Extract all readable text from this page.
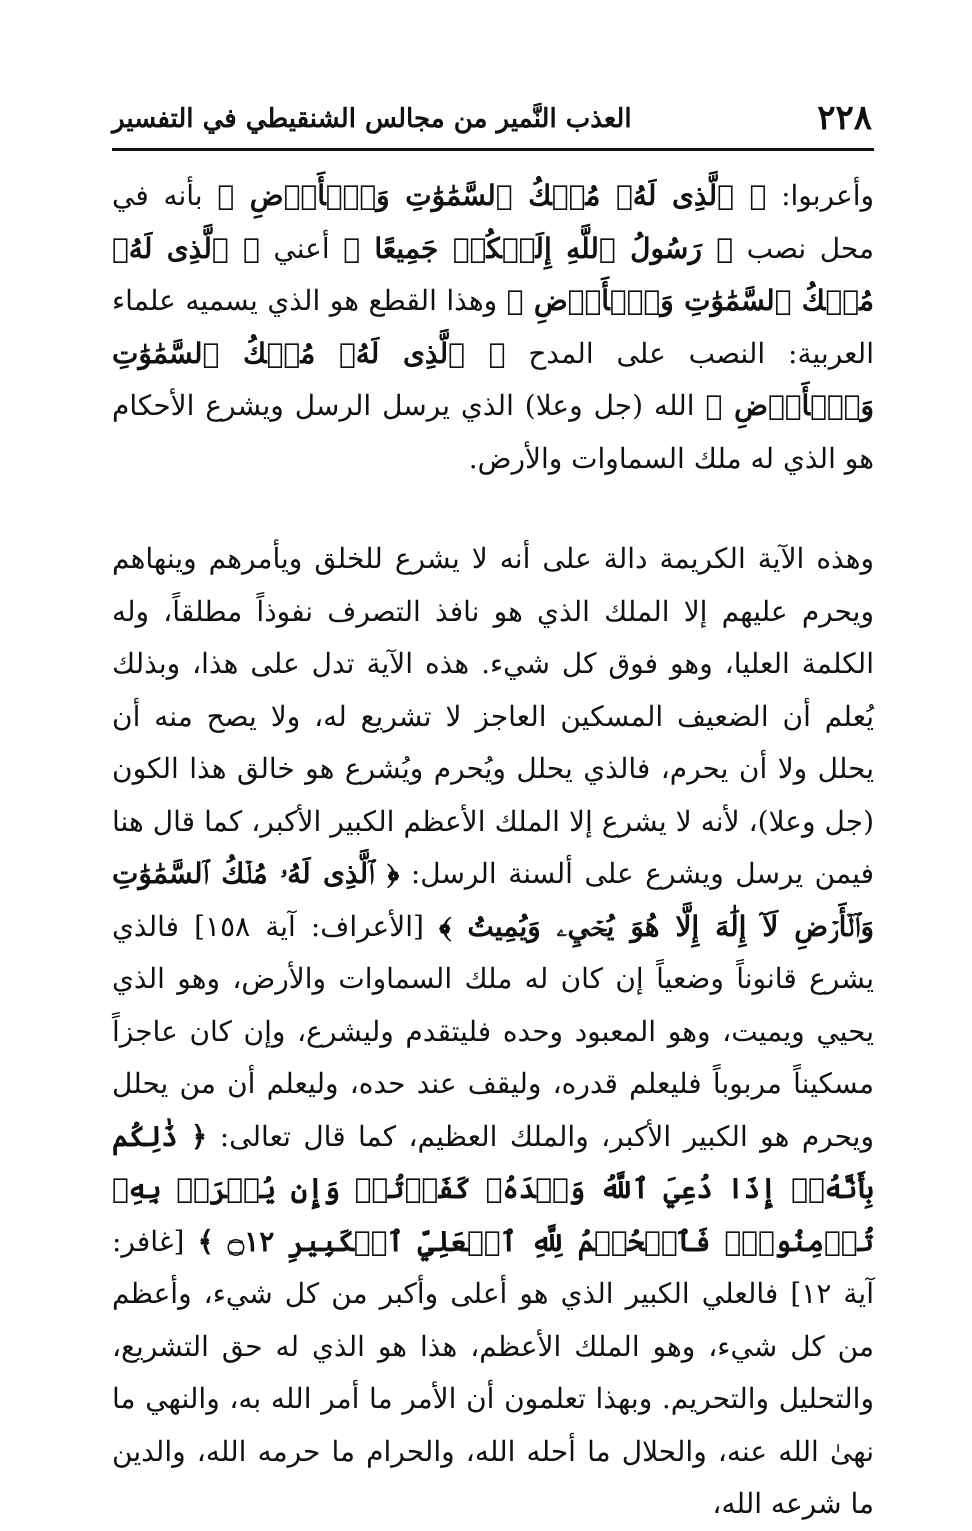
٢٢٨
العذب النَّمير من مجالس الشنقيطي في التفسير

وأعربوا: ﴿ ٱلَّذِى لَهُۥ مُلۡكُ ٱلسَّمَٰوَٰتِ وَٱلۡأَرۡضِ ﴾ بأنه في محل نصب ﴿ رَسُولُ ٱللَّهِ إِلَيۡكُمۡ جَمِيعًا ﴾ أعني ﴿ ٱلَّذِى لَهُۥ مُلۡكُ ٱلسَّمَٰوَٰتِ وَٱلۡأَرۡضِ ﴾ وهذا القطع هو الذي يسميه علماء العربية: النصب على المدح ﴿ ٱلَّذِى لَهُۥ مُلۡكُ ٱلسَّمَٰوَٰتِ وَٱلۡأَرۡضِ ﴾ الله (جل وعلا) الذي يرسل الرسل ويشرع الأحكام هو الذي له ملك السماوات والأرض.

وهذه الآية الكريمة دالة على أنه لا يشرع للخلق ويأمرهم وينهاهم ويحرم عليهم إلا الملك الذي هو نافذ التصرف نفوذاً مطلقاً، وله الكلمة العليا، وهو فوق كل شيء. هذه الآية تدل على هذا، وبذلك يُعلم أن الضعيف المسكين العاجز لا تشريع له، ولا يصح منه أن يحلل ولا أن يحرم، فالذي يحلل ويُحرم ويُشرع هو خالق هذا الكون (جل وعلا)، لأنه لا يشرع إلا الملك الأعظم الكبير الأكبر، كما قال هنا فيمن يرسل ويشرع على ألسنة الرسل: ﴿ ٱلَّذِى لَهُۥ مُلۡكُ ٱلسَّمَٰوَٰتِ وَٱلۡأَرۡضِ لَآ إِلَٰهَ إِلَّا هُوَ يُحۡيِۦ وَيُمِيتُ ﴾ [الأعراف: آية ١٥٨] فالذي يشرع قانوناً وضعياً إن كان له ملك السماوات والأرض، وهو الذي يحيي ويميت، وهو المعبود وحده فليتقدم وليشرع، وإن كان عاجزاً مسكيناً مربوباً فليعلم قدره، وليقف عند حده، وليعلم أن من يحلل ويحرم هو الكبير الأكبر، والملك العظيم، كما قال تعالى: ﴿ ذَٰلِكُم بِأَنَّهُۥٓ إِذَا دُعِيَ ٱللَّهُ وَحۡدَهُۥ كَفَرۡتُمۡ وَإِن يُشۡرَكۡ بِهِۦ تُؤۡمِنُواْۚ فَٱلۡحُكۡمُ لِلَّهِ ٱلۡعَلِيِّ ٱلۡكَبِيرِ ۝١٢ ﴾ [غافر: آية ١٢] فالعلي الكبير الذي هو أعلى وأكبر من كل شيء، وأعظم من كل شيء، وهو الملك الأعظم، هذا هو الذي له حق التشريع، والتحليل والتحريم. وبهذا تعلمون أن الأمر ما أمر الله به، والنهي ما نهىٰ الله عنه، والحلال ما أحله الله، والحرام ما حرمه الله، والدين ما شرعه الله،
